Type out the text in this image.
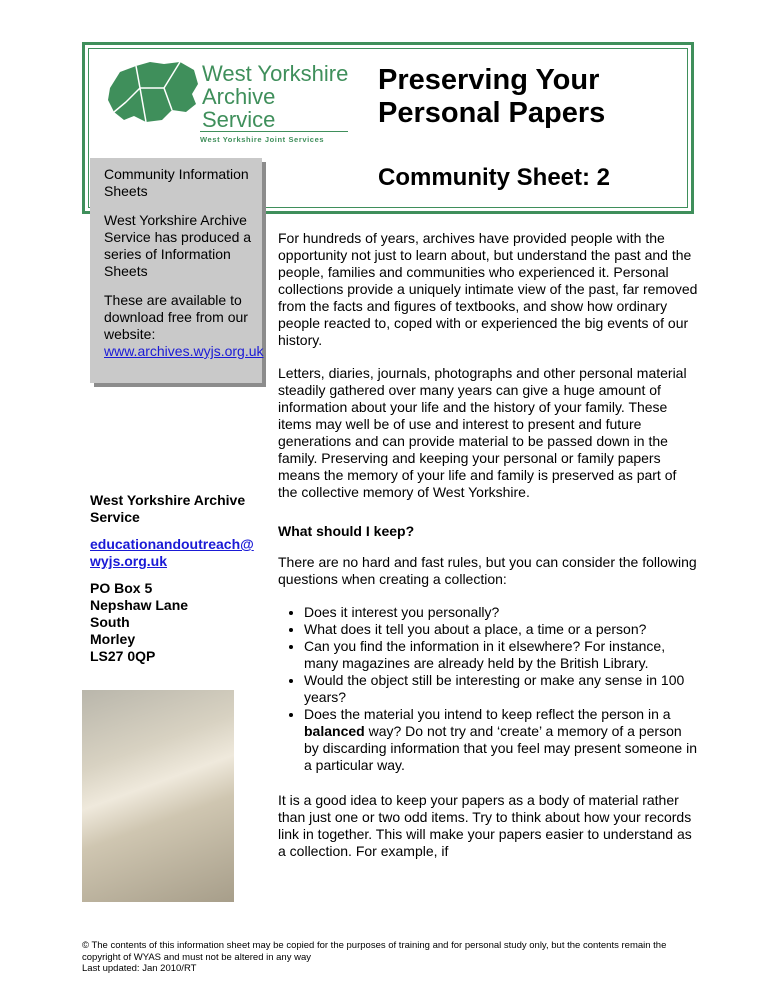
West Yorkshire
Archive
Service
West Yorkshire Joint Services
Preserving Your
Personal Papers
Community Sheet: 2

Community Information Sheets

West Yorkshire Archive Service has produced a series of Information Sheets

These are available to download free from our website:
www.archives.wyjs.org.uk

West Yorkshire Archive Service

educationandoutreach@wyjs.org.uk

PO Box 5
Nepshaw Lane
South
Morley
LS27 0QP

For hundreds of years, archives have provided people with the opportunity not just to learn about, but understand the past and the people, families and communities who experienced it. Personal collections provide a uniquely intimate view of the past, far removed from the facts and figures of textbooks, and show how ordinary people reacted to, coped with or experienced the big events of our history.

Letters, diaries, journals, photographs and other personal material steadily gathered over many years can give a huge amount of information about your life and the history of your family. These items may well be of use and interest to present and future generations and can provide material to be passed down in the family. Preserving and keeping your personal or family papers means the memory of your life and family is preserved as part of the collective memory of West Yorkshire.

What should I keep?

There are no hard and fast rules, but you can consider the following questions when creating a collection:

• Does it interest you personally?
• What does it tell you about a place, a time or a person?
• Can you find the information in it elsewhere? For instance, many magazines are already held by the British Library.
• Would the object still be interesting or make any sense in 100 years?
• Does the material you intend to keep reflect the person in a balanced way? Do not try and ‘create’ a memory of a person by discarding information that you feel may present someone in a particular way.

It is a good idea to keep your papers as a body of material rather than just one or two odd items. Try to think about how your records link in together. This will make your papers easier to understand as a collection. For example, if

© The contents of this information sheet may be copied for the purposes of training and for personal study only, but the contents remain the copyright of WYAS and must not be altered in any way
Last updated: Jan 2010/RT
